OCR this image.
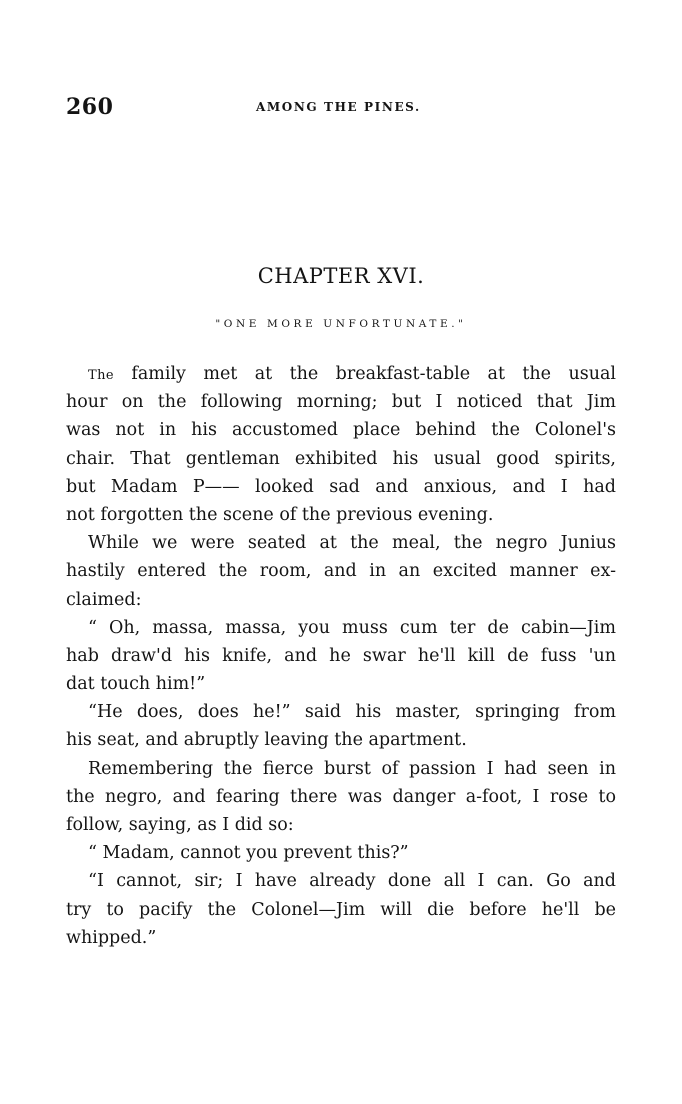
260	AMONG THE PINES.
CHAPTER XVI.
"ONE MORE UNFORTUNATE."
The family met at the breakfast-table at the usual
hour on the following morning; but I noticed that Jim
was not in his accustomed place behind the Colonel's
chair. That gentleman exhibited his usual good spirits,
but Madam P—— looked sad and anxious, and I had
not forgotten the scene of the previous evening.
While we were seated at the meal, the negro Junius
hastily entered the room, and in an excited manner ex-
claimed:
“ Oh, massa, massa, you muss cum ter de cabin—Jim
hab draw'd his knife, and he swar he'll kill de fuss 'un
dat touch him!”
“He does, does he!” said his master, springing from
his seat, and abruptly leaving the apartment.
Remembering the fierce burst of passion I had seen in
the negro, and fearing there was danger a-foot, I rose to
follow, saying, as I did so:
“ Madam, cannot you prevent this?”
“I cannot, sir; I have already done all I can. Go and
try to pacify the Colonel—Jim will die before he'll be
whipped.”
